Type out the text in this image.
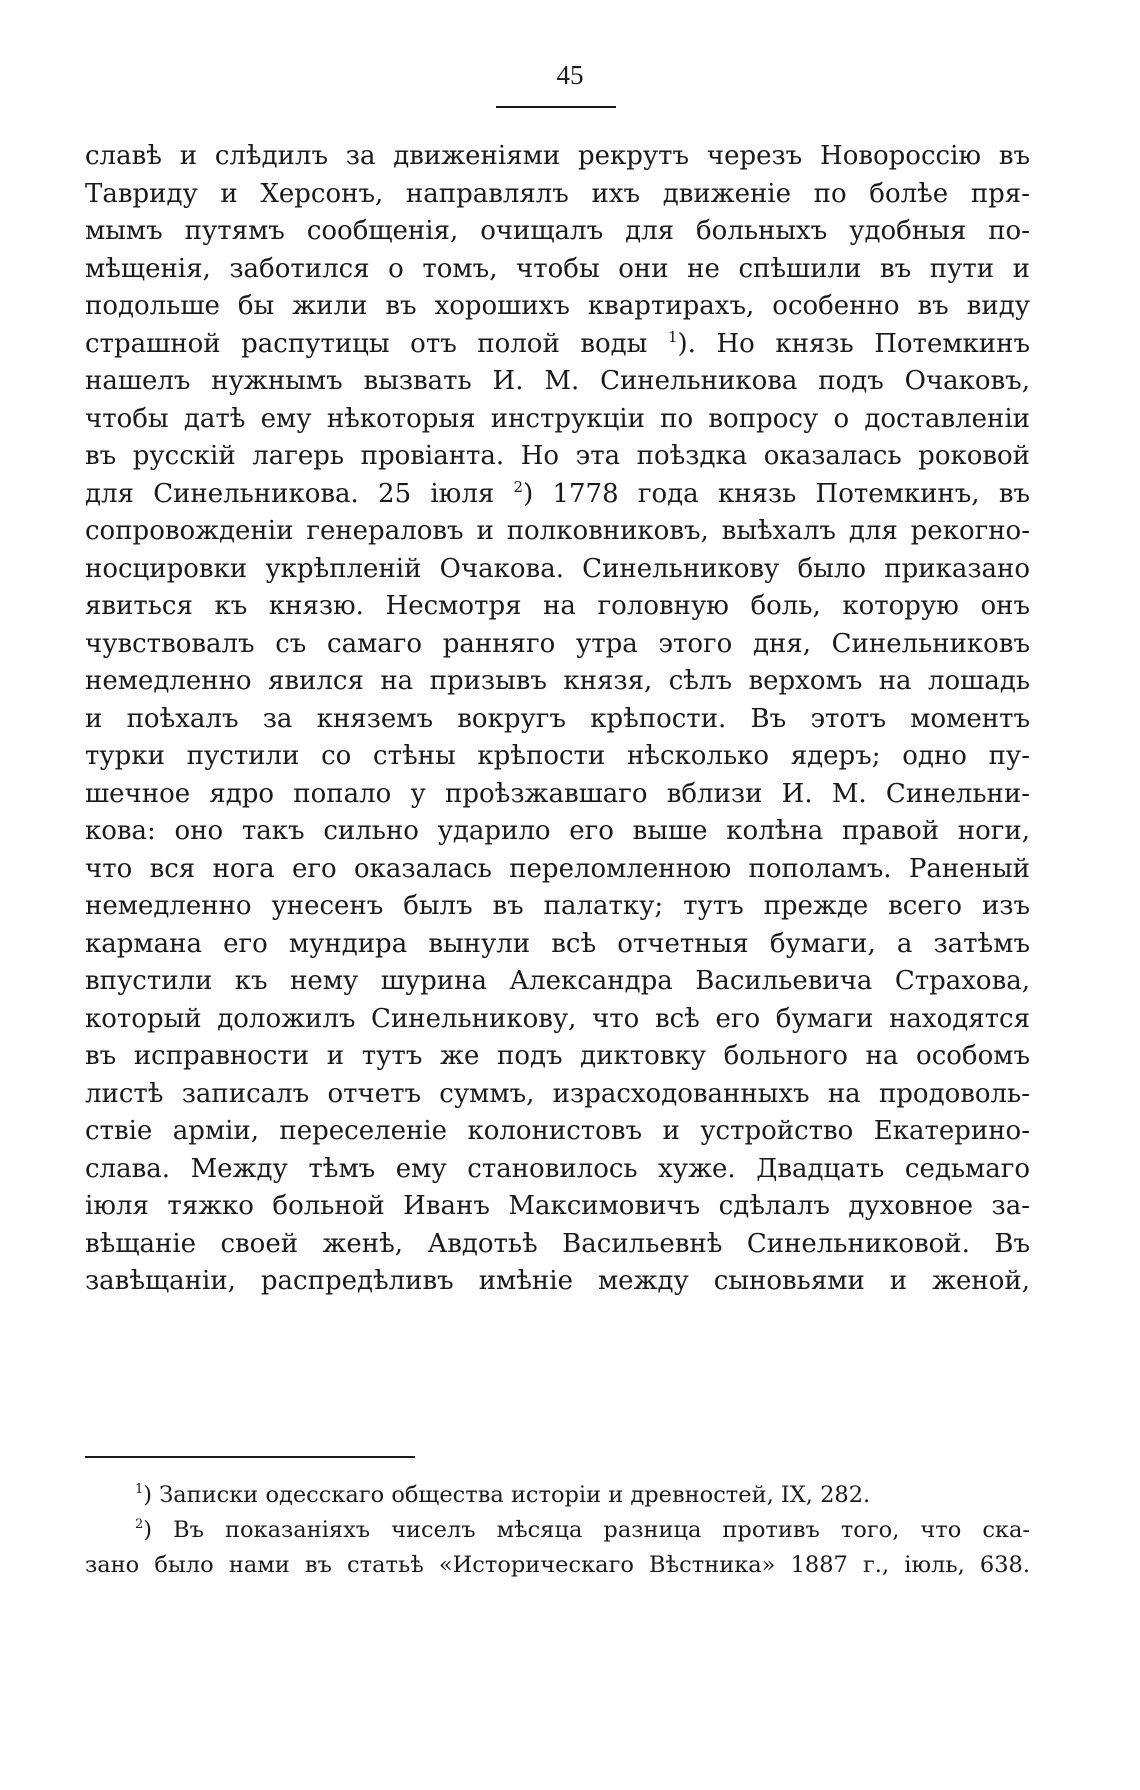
45
славѣ и слѣдилъ за движеніями рекрутъ черезъ Новороссію въ
Тавриду и Херсонъ, направлялъ ихъ движеніе по болѣе пря-
мымъ путямъ сообщенія, очищалъ для больныхъ удобныя по-
мѣщенія, заботился о томъ, чтобы они не спѣшили въ пути и
подольше бы жили въ хорошихъ квартирахъ, особенно въ виду
страшной распутицы отъ полой воды $^1$). Но князь Потемкинъ
нашелъ нужнымъ вызвать И. М. Синельникова подъ Очаковъ,
чтобы датѣ ему нѣкоторыя инструкціи по вопросу о доставленіи
въ русскій лагерь провіанта. Но эта поѣздка оказалась роковой
для Синельникова. 25 іюля $^2$) 1778 года князь Потемкинъ, въ
сопровожденіи генераловъ и полковниковъ, выѣхалъ для рекогно-
носцировки укрѣпленій Очакова. Синельникову было приказано
явиться къ князю. Несмотря на головную боль, которую онъ
чувствовалъ съ самаго ранняго утра этого дня, Синельниковъ
немедленно явился на призывъ князя, сѣлъ верхомъ на лошадь
и поѣхалъ за княземъ вокругъ крѣпости. Въ этотъ моментъ
турки пустили со стѣны крѣпости нѣсколько ядеръ; одно пу-
шечное ядро попало у проѣзжавшаго вблизи И. М. Синельни-
кова: оно такъ сильно ударило его выше колѣна правой ноги,
что вся нога его оказалась переломленною пополамъ. Раненый
немедленно унесенъ былъ въ палатку; тутъ прежде всего изъ
кармана его мундира вынули всѣ отчетныя бумаги, а затѣмъ
впустили къ нему шурина Александра Васильевича Страхова,
который доложилъ Синельникову, что всѣ его бумаги находятся
въ исправности и тутъ же подъ диктовку больного на особомъ
листѣ записалъ отчетъ суммъ, израсходованныхъ на продоволь-
ствіе арміи, переселеніе колонистовъ и устройство Екатерино-
слава. Между тѣмъ ему становилось хуже. Двадцать седьмаго
іюля тяжко больной Иванъ Максимовичъ сдѣлалъ духовное за-
вѣщаніе своей женѣ, Авдотьѣ Васильевнѣ Синельниковой. Въ
завѣщаніи, распредѣливъ имѣніе между сыновьями и женой,
$^1$) Записки одесскаго общества исторіи и древностей, IX, 282.
$^2$) Въ показаніяхъ чиселъ мѣсяца разница противъ того, что ска-
зано было нами въ статьѣ «Историческаго Вѣстника» 1887 г., іюль, 638.
